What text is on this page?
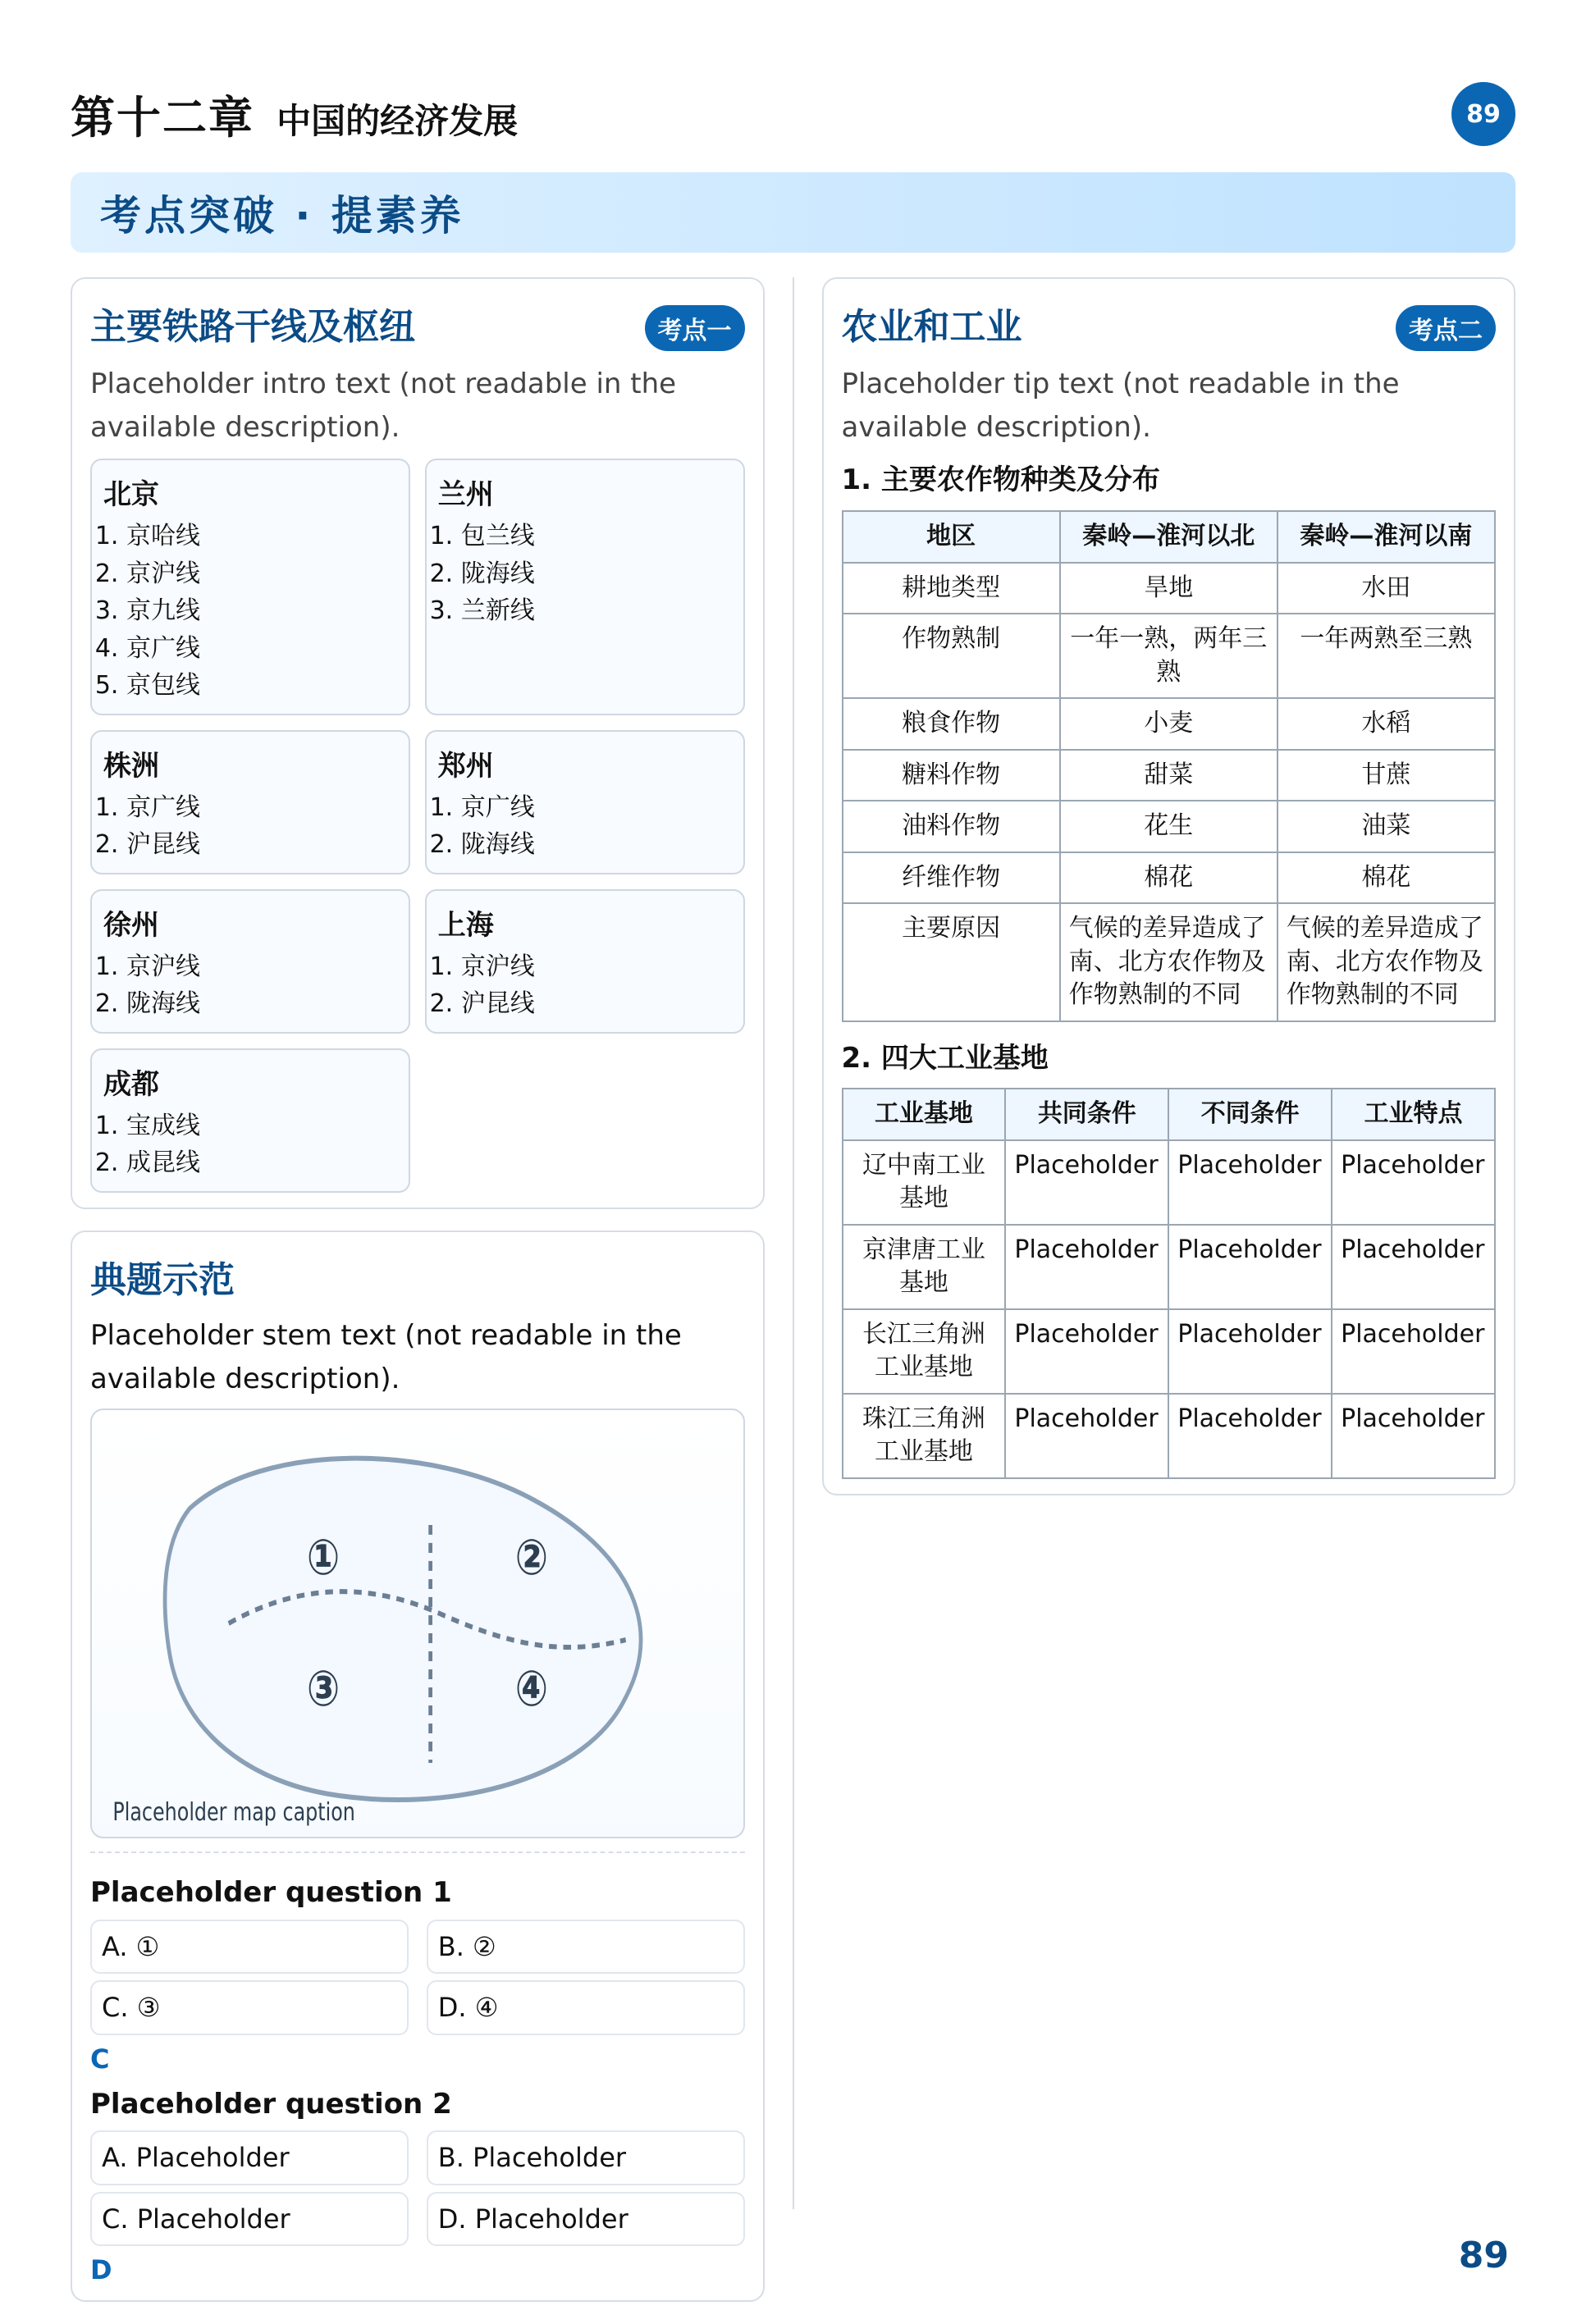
第十二章 中国的经济发展	89
考点突破 · 提素养
主要铁路干线及枢纽	考点一

Placeholder intro text (not readable in the available description).

北京
1. 京哈线
2. 京沪线
3. 京九线
4. 京广线
5. 京包线
兰州
1. 包兰线
2. 陇海线
3. 兰新线
株洲
1. 京广线
2. 沪昆线
郑州
1. 京广线
2. 陇海线
徐州
1. 京沪线
2. 陇海线
上海
1. 京沪线
2. 沪昆线
成都
1. 宝成线
2. 成昆线
典题示范

Placeholder stem text (not readable in the available description).

①	②
③	④
Placeholder map caption
Placeholder question 1
A. ①	B. ②
C. ③	D. ④
C
Placeholder question 2
A. Placeholder	B. Placeholder
C. Placeholder	D. Placeholder
D
农业和工业	考点二

Placeholder tip text (not readable in the available description).

1. 主要农作物种类及分布
地区	秦岭—淮河以北	秦岭—淮河以南
耕地类型	旱地	水田
作物熟制	一年一熟，两年三熟	一年两熟至三熟
粮食作物	小麦	水稻
糖料作物	甜菜	甘蔗
油料作物	花生	油菜
纤维作物	棉花	棉花
主要原因	气候的差异造成了南、北方农作物及作物熟制的不同	气候的差异造成了南、北方农作物及作物熟制的不同
2. 四大工业基地
工业基地	共同条件	不同条件	工业特点
辽中南工业基地	Placeholder	Placeholder	Placeholder
京津唐工业基地	Placeholder	Placeholder	Placeholder
长江三角洲工业基地	Placeholder	Placeholder	Placeholder
珠江三角洲工业基地	Placeholder	Placeholder	Placeholder
89
